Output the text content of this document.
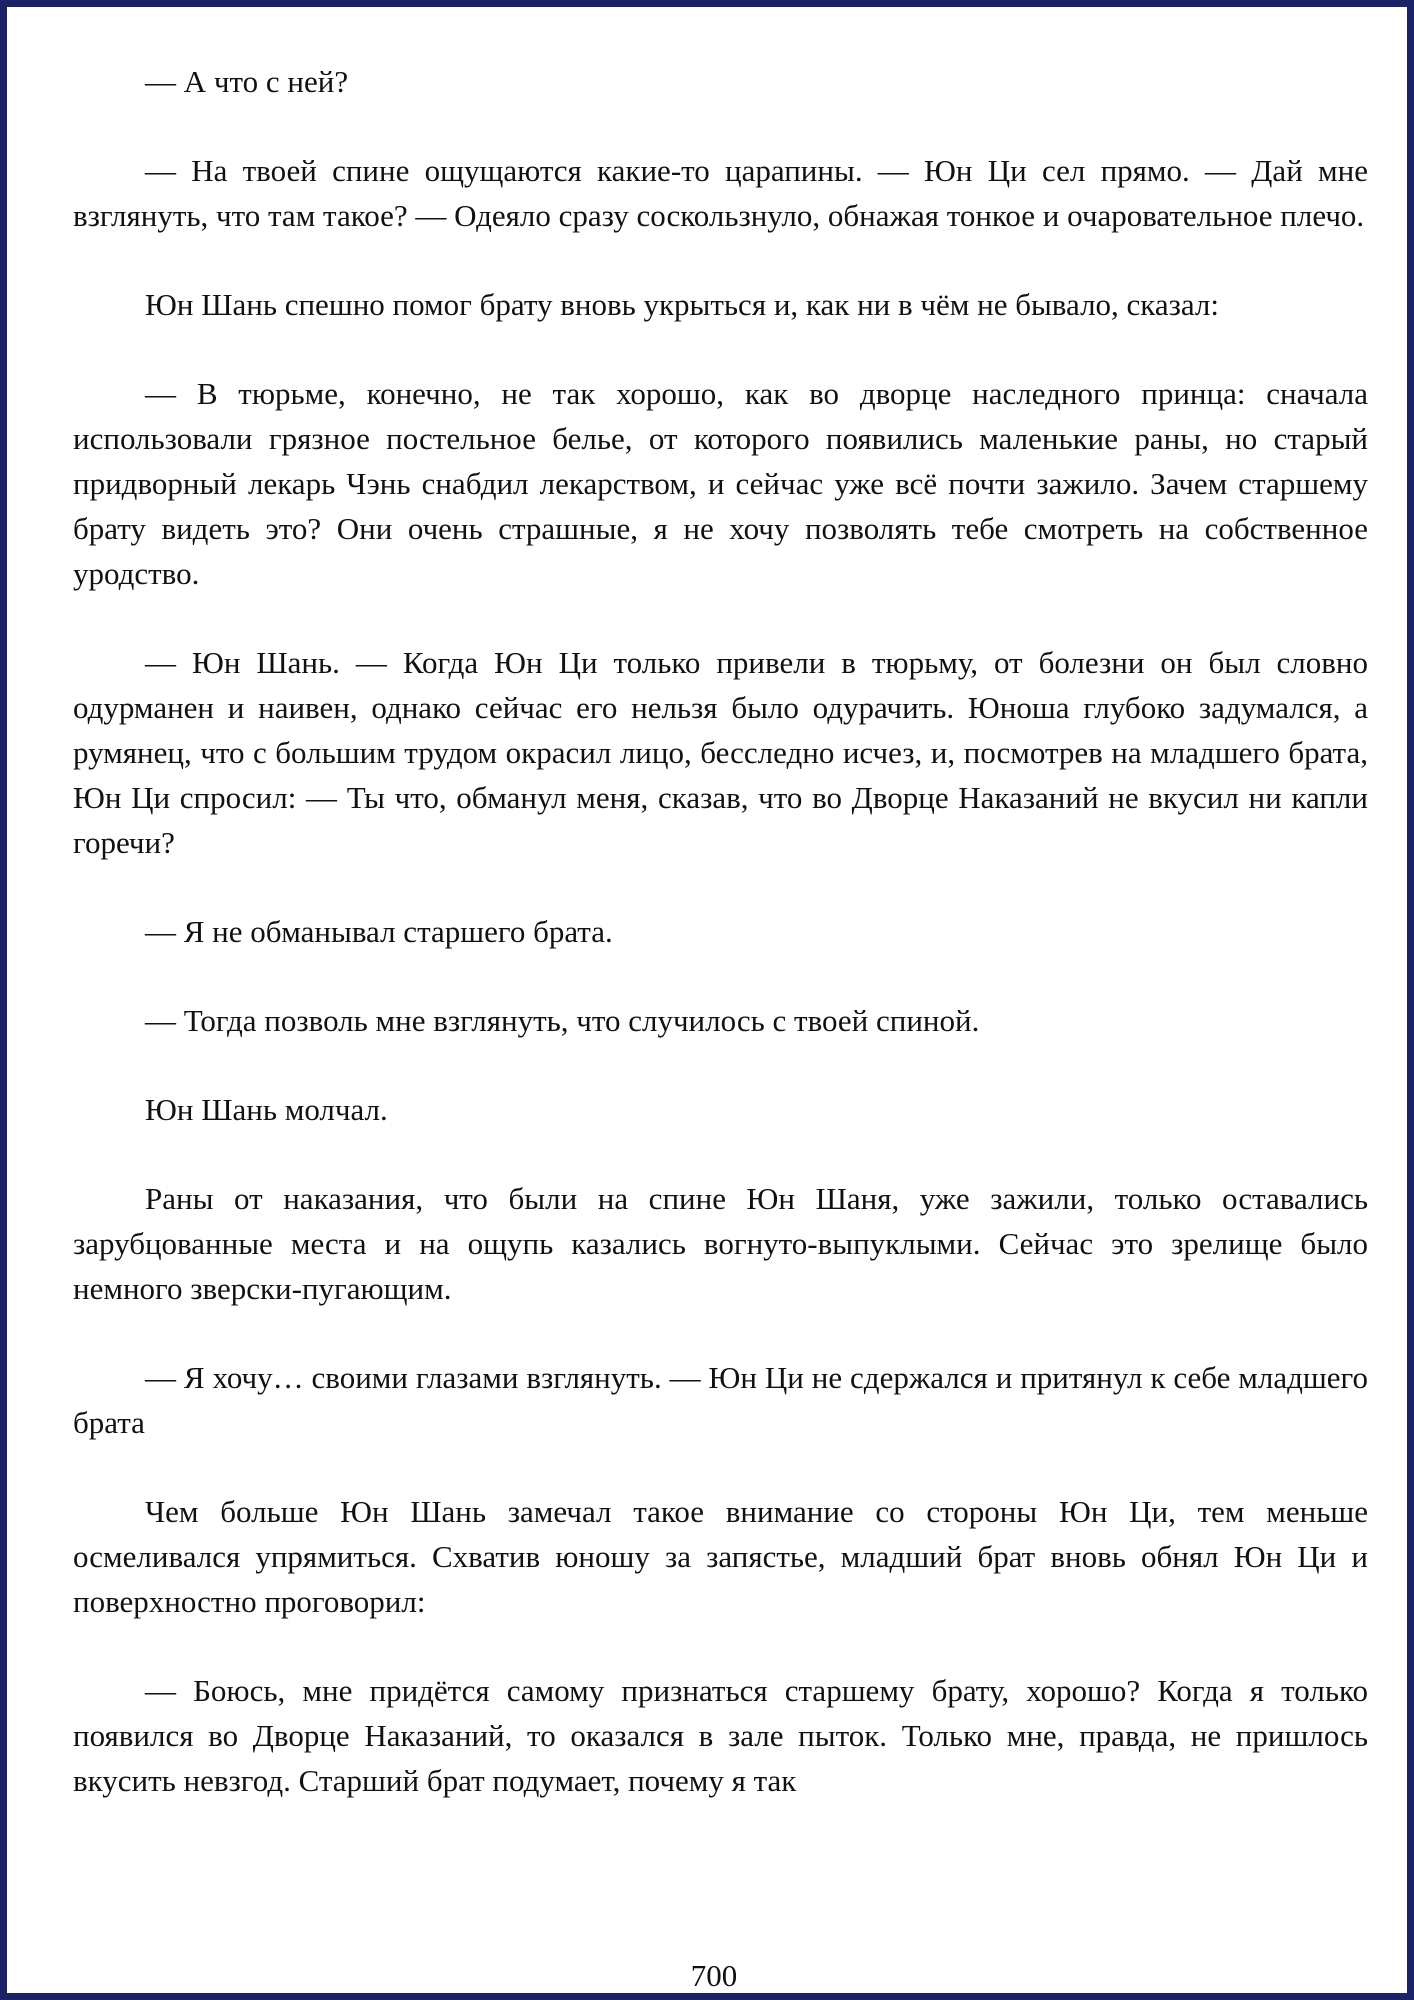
— А что с ней?

— На твоей спине ощущаются какие-то царапины. — Юн Ци сел прямо. — Дай мне взглянуть, что там такое? — Одеяло сразу соскользнуло, обнажая тонкое и очаровательное плечо.

Юн Шань спешно помог брату вновь укрыться и, как ни в чём не бывало, сказал:

— В тюрьме, конечно, не так хорошо, как во дворце наследного принца: сначала использовали грязное постельное белье, от которого появились маленькие раны, но старый придворный лекарь Чэнь снабдил лекарством, и сейчас уже всё почти зажило. Зачем старшему брату видеть это? Они очень страшные, я не хочу позволять тебе смотреть на собственное уродство.

— Юн Шань. — Когда Юн Ци только привели в тюрьму, от болезни он был словно одурманен и наивен, однако сейчас его нельзя было одурачить. Юноша глубоко задумался, а румянец, что с большим трудом окрасил лицо, бесследно исчез, и, посмотрев на младшего брата, Юн Ци спросил: — Ты что, обманул меня, сказав, что во Дворце Наказаний не вкусил ни капли горечи?

— Я не обманывал старшего брата.

— Тогда позволь мне взглянуть, что случилось с твоей спиной.

Юн Шань молчал.

Раны от наказания, что были на спине Юн Шаня, уже зажили, только оставались зарубцованные места и на ощупь казались вогнуто-выпуклыми. Сейчас это зрелище было немного зверски-пугающим.

— Я хочу… своими глазами взглянуть. — Юн Ци не сдержался и притянул к себе младшего брата

Чем больше Юн Шань замечал такое внимание со стороны Юн Ци, тем меньше осмеливался упрямиться. Схватив юношу за запястье, младший брат вновь обнял Юн Ци и поверхностно проговорил:

— Боюсь, мне придётся самому признаться старшему брату, хорошо? Когда я только появился во Дворце Наказаний, то оказался в зале пыток. Только мне, правда, не пришлось вкусить невзгод. Старший брат подумает, почему я так

700
